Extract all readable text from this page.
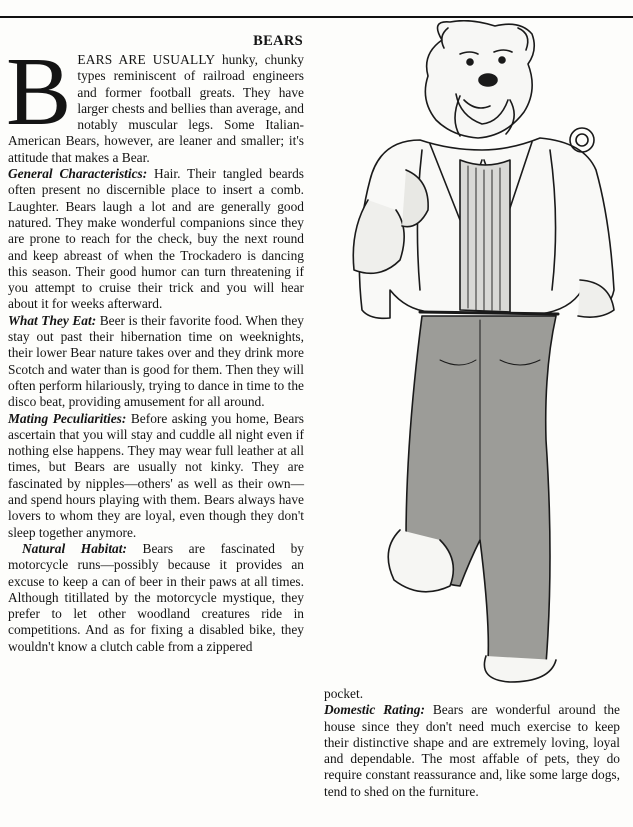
BEARS

BEARS ARE USUALLY hunky, chunky types reminiscent of railroad engineers and former football greats. They have larger chests and bellies than average, and notably muscular legs. Some Italian-American Bears, however, are leaner and smaller; it's attitude that makes a Bear.

General Characteristics: Hair. Their tangled beards often present no discernible place to insert a comb. Laughter. Bears laugh a lot and are generally good natured. They make wonderful companions since they are prone to reach for the check, buy the next round and keep abreast of when the Trockadero is dancing this season. Their good humor can turn threatening if you attempt to cruise their trick and you will hear about it for weeks afterward.

What They Eat: Beer is their favorite food. When they stay out past their hibernation time on weeknights, their lower Bear nature takes over and they drink more Scotch and water than is good for them. Then they will often perform hilariously, trying to dance in time to the disco beat, providing amusement for all around.

Mating Peculiarities: Before asking you home, Bears ascertain that you will stay and cuddle all night even if nothing else happens. They may wear full leather at all times, but Bears are usually not kinky. They are fascinated by nipples—others' as well as their own—and spend hours playing with them. Bears always have lovers to whom they are loyal, even though they don't sleep together anymore.

Natural Habitat: Bears are fascinated by motorcycle runs—possibly because it provides an excuse to keep a can of beer in their paws at all times. Although titillated by the motorcycle mystique, they prefer to let other woodland creatures ride in competitions. And as for fixing a disabled bike, they wouldn't know a clutch cable from a zippered

pocket.

Domestic Rating: Bears are wonderful around the house since they don't need much exercise to keep their distinctive shape and are extremely loving, loyal and dependable. The most affable of pets, they do require constant reassurance and, like some large dogs, tend to shed on the furniture.
